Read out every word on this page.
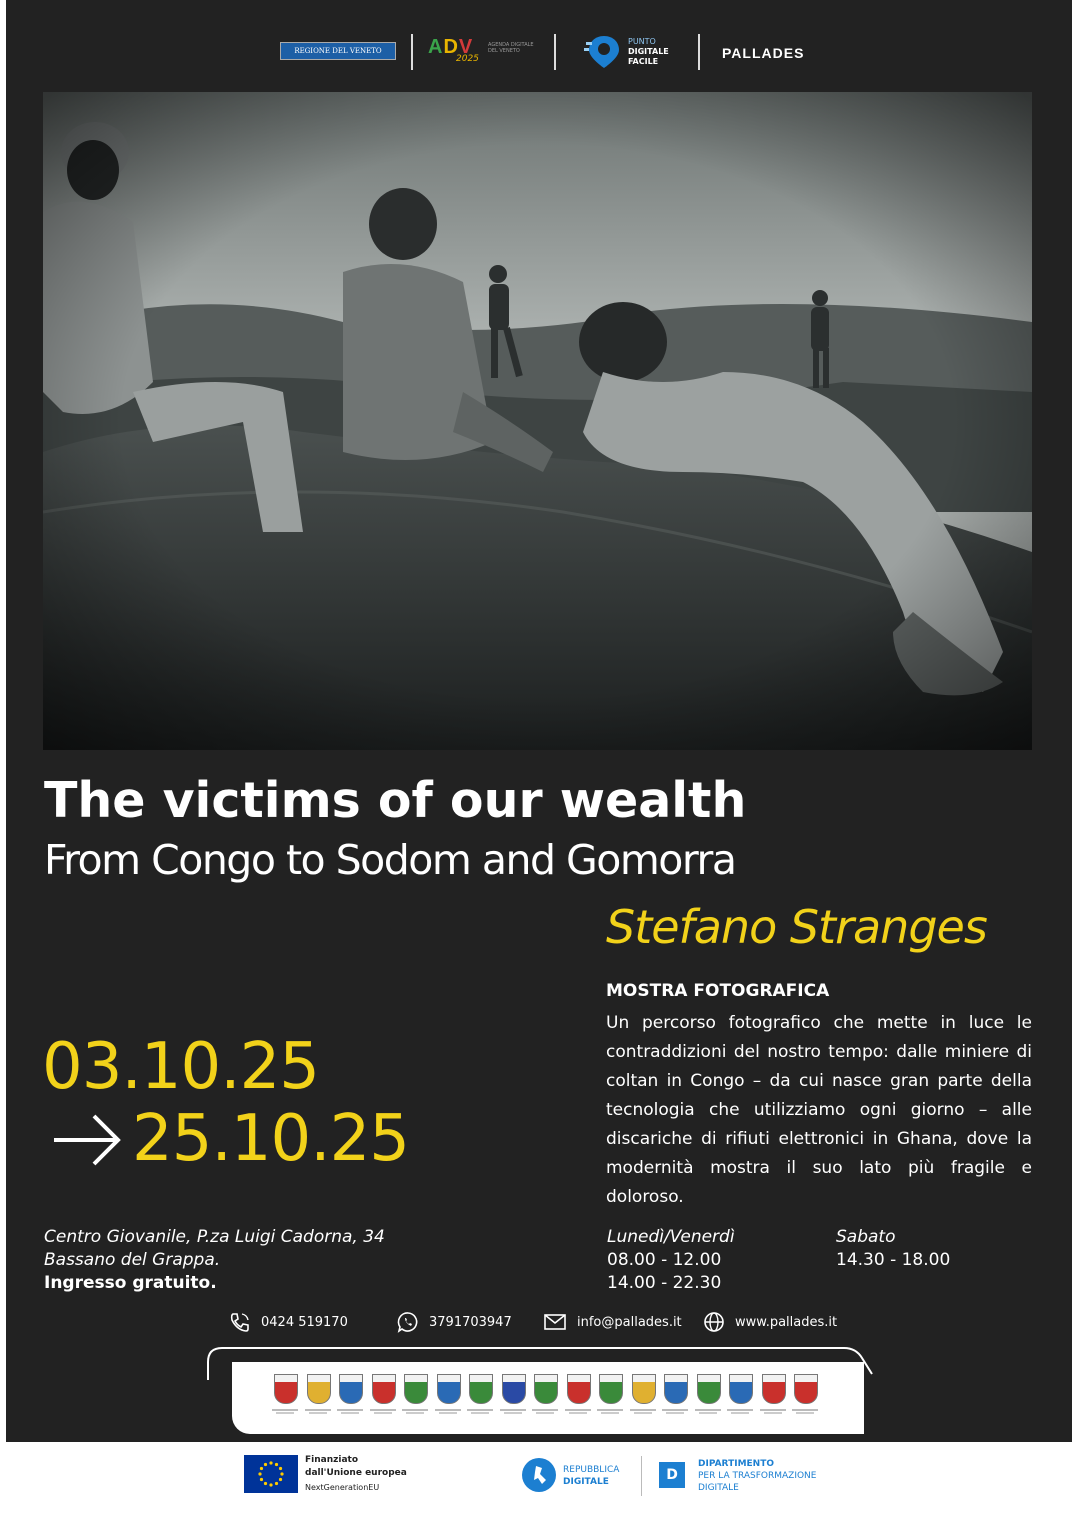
REGIONE DEL VENETO	ADV
2025
AGENDA DIGITALE DEL VENETO
PUNTO
DIGITALE
FACILE
PALLADES
The victims of our wealth
From Congo to Sodom and Gomorra
Stefano Stranges
MOSTRA FOTOGRAFICA
Un percorso fotografico che mette in luce le contraddizioni del nostro tempo: dalle miniere di coltan in Congo – da cui nasce gran parte della tecnologia che utilizziamo ogni giorno – alle discariche di rifiuti elettronici in Ghana, dove la modernità mostra il suo lato più fragile e doloroso.
03.10.25
25.10.25
Centro Giovanile, P.za Luigi Cadorna, 34
Bassano del Grappa.
Ingresso gratuito.
Lunedì/Venerdì
08.00 - 12.00
14.00 - 22.30
Sabato
14.30 - 18.00
0424 519170	3791703947	info@pallades.it	www.pallades.it
Finanziato
dall'Unione europea
NextGenerationEU
REPUBBLICA
DIGITALE	D
DIPARTIMENTO
PER LA TRASFORMAZIONE
DIGITALE
